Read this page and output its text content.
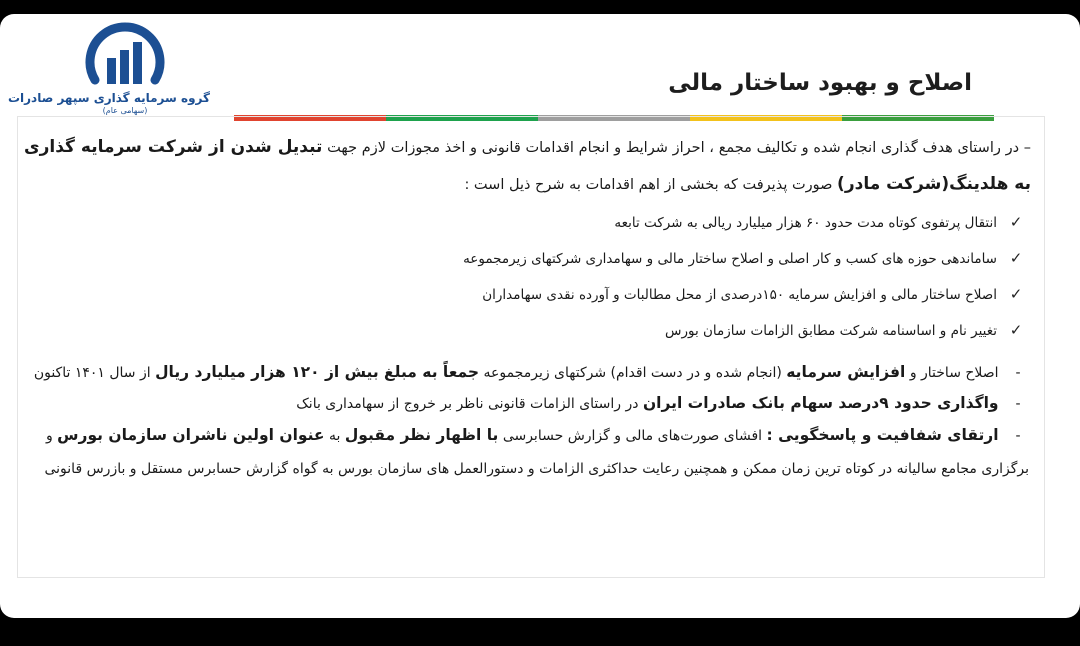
گروه سرمایه گذاری سپهر صادرات
(سهامی عام)
اصلاح و بهبود ساختار مالی
– در راستای هدف گذاری انجام شده و تکالیف مجمع ، احراز شرایط و انجام اقدامات قانونی و اخذ مجوزات لازم جهت تبدیل شدن از شرکت سرمایه گذاری به هلدینگ(شرکت مادر) صورت پذیرفت که بخشی از اهم اقدامات به شرح ذیل است :
✓انتقال پرتفوی کوتاه مدت حدود ۶۰ هزار میلیارد ریالی به شرکت تابعه
✓ساماندهی حوزه های کسب و کار اصلی و اصلاح ساختار مالی و سهامداری شرکتهای زیرمجموعه
✓اصلاح ساختار مالی و افزایش سرمایه ۱۵۰درصدی از محل مطالبات و آورده نقدی سهامداران
✓تغییر نام و اساسنامه شرکت مطابق الزامات سازمان بورس
- اصلاح ساختار و افزایش سرمایه (انجام شده و در دست اقدام) شرکتهای زیرمجموعه جمعاً به مبلغ بیش از ۱۲۰ هزار میلیارد ریال از سال ۱۴۰۱ تاکنون
- واگذاری حدود ۹درصد سهام بانک صادرات ایران در راستای الزامات قانونی ناظر بر خروج از سهامداری بانک
- ارتقای شفافیت و پاسخگویی : افشای صورت‌های مالی و گزارش حسابرسی با اظهار نظر مقبول به عنوان اولین ناشران سازمان بورس و برگزاری مجامع سالیانه در کوتاه ترین زمان ممکن و همچنین رعایت حداکثری الزامات و دستورالعمل های سازمان بورس به گواه گزارش حسابرس مستقل و بازرس قانونی
